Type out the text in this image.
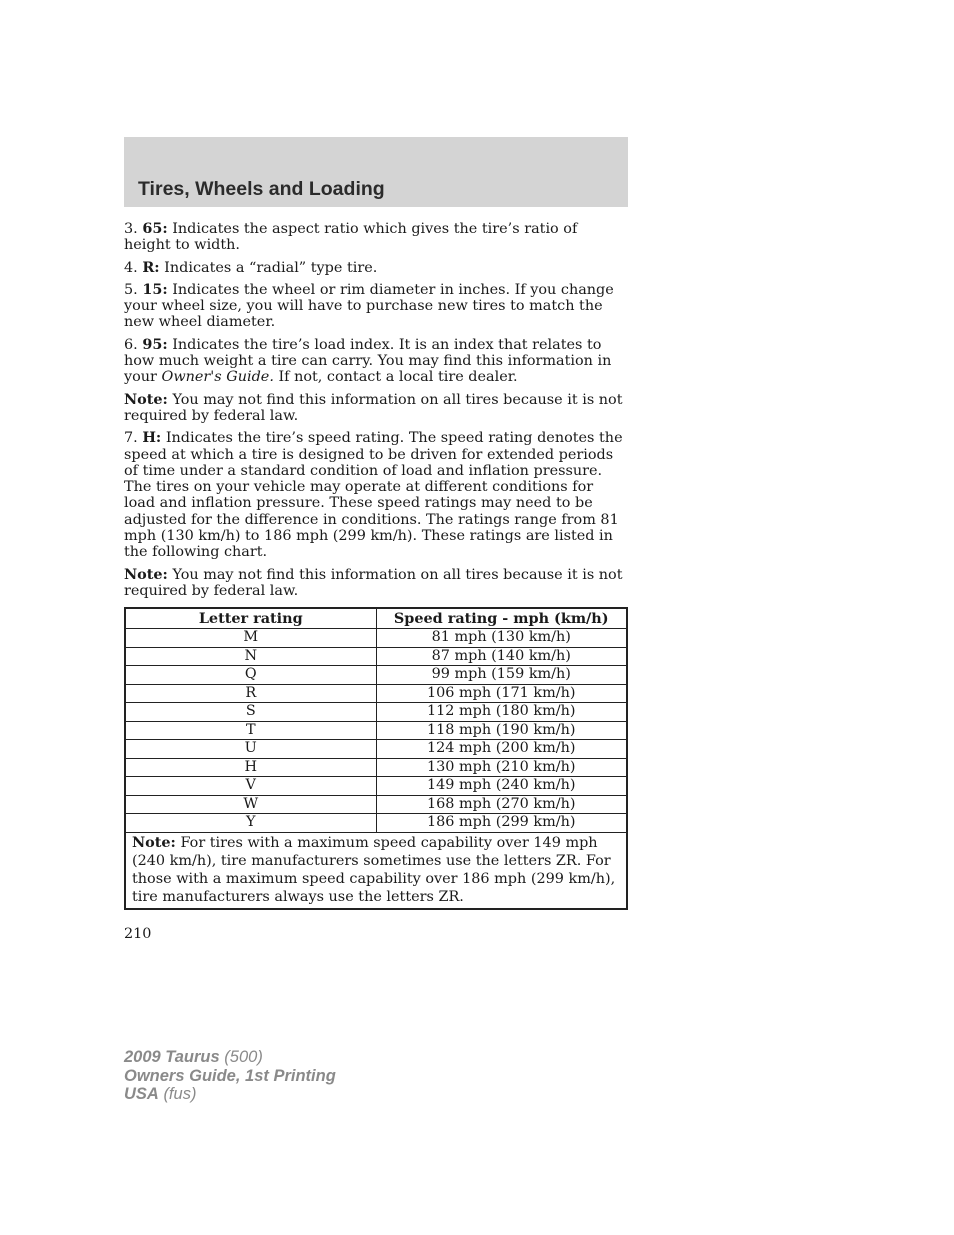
Tires, Wheels and Loading

3. 65: Indicates the aspect ratio which gives the tire’s ratio of height to width.

4. R: Indicates a “radial” type tire.

5. 15: Indicates the wheel or rim diameter in inches. If you change your wheel size, you will have to purchase new tires to match the new wheel diameter.

6. 95: Indicates the tire’s load index. It is an index that relates to how much weight a tire can carry. You may find this information in your Owner's Guide. If not, contact a local tire dealer.

Note: You may not find this information on all tires because it is not required by federal law.

7. H: Indicates the tire’s speed rating. The speed rating denotes the speed at which a tire is designed to be driven for extended periods of time under a standard condition of load and inflation pressure. The tires on your vehicle may operate at different conditions for load and inflation pressure. These speed ratings may need to be adjusted for the difference in conditions. The ratings range from 81 mph (130 km/h) to 186 mph (299 km/h). These ratings are listed in the following chart.

Note: You may not find this information on all tires because it is not required by federal law.

Letter rating	Speed rating - mph (km/h)
M	81 mph (130 km/h)
N	87 mph (140 km/h)
Q	99 mph (159 km/h)
R	106 mph (171 km/h)
S	112 mph (180 km/h)
T	118 mph (190 km/h)
U	124 mph (200 km/h)
H	130 mph (210 km/h)
V	149 mph (240 km/h)
W	168 mph (270 km/h)
Y	186 mph (299 km/h)
Note: For tires with a maximum speed capability over 149 mph (240 km/h), tire manufacturers sometimes use the letters ZR. For those with a maximum speed capability over 186 mph (299 km/h), tire manufacturers always use the letters ZR.	
210
2009 Taurus (500)
Owners Guide, 1st Printing
USA (fus)
